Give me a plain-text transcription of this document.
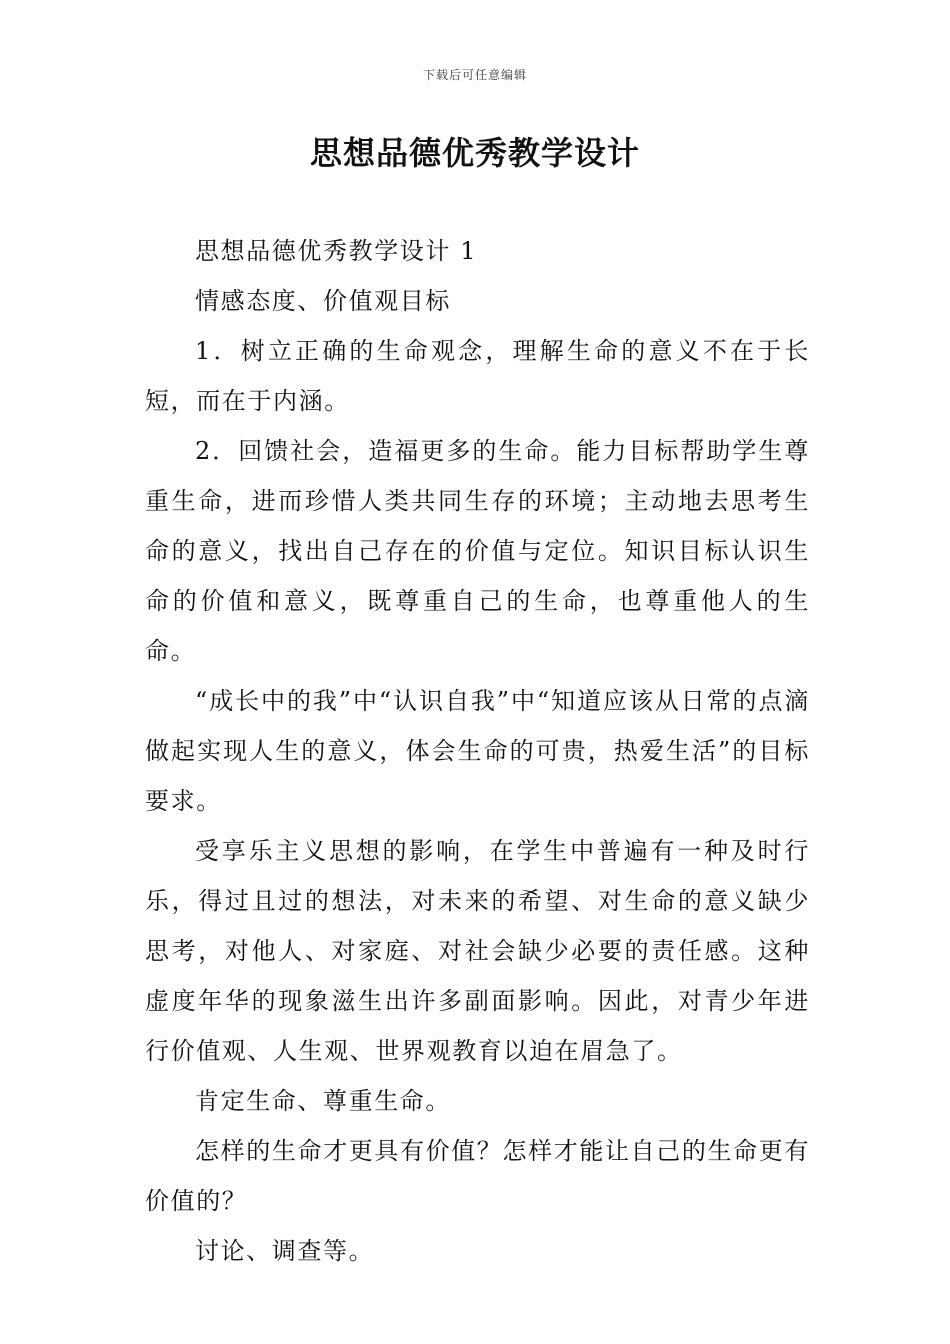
下载后可任意编辑
思想品德优秀教学设计

思想品德优秀教学设计 1

情感态度、价值观目标

1．树立正确的生命观念，理解生命的意义不在于长短，而在于内涵。

2．回馈社会，造福更多的生命。能力目标帮助学生尊重生命，进而珍惜人类共同生存的环境；主动地去思考生命的意义，找出自己存在的价值与定位。知识目标认识生命的价值和意义，既尊重自己的生命，也尊重他人的生命。

“成长中的我”中“认识自我”中“知道应该从日常的点滴做起实现人生的意义，体会生命的可贵，热爱生活”的目标要求。

受享乐主义思想的影响，在学生中普遍有一种及时行乐，得过且过的想法，对未来的希望、对生命的意义缺少思考，对他人、对家庭、对社会缺少必要的责任感。这种虚度年华的现象滋生出许多副面影响。因此，对青少年进行价值观、人生观、世界观教育以迫在眉急了。

肯定生命、尊重生命。

怎样的生命才更具有价值？怎样才能让自己的生命更有价值的？

讨论、调查等。
